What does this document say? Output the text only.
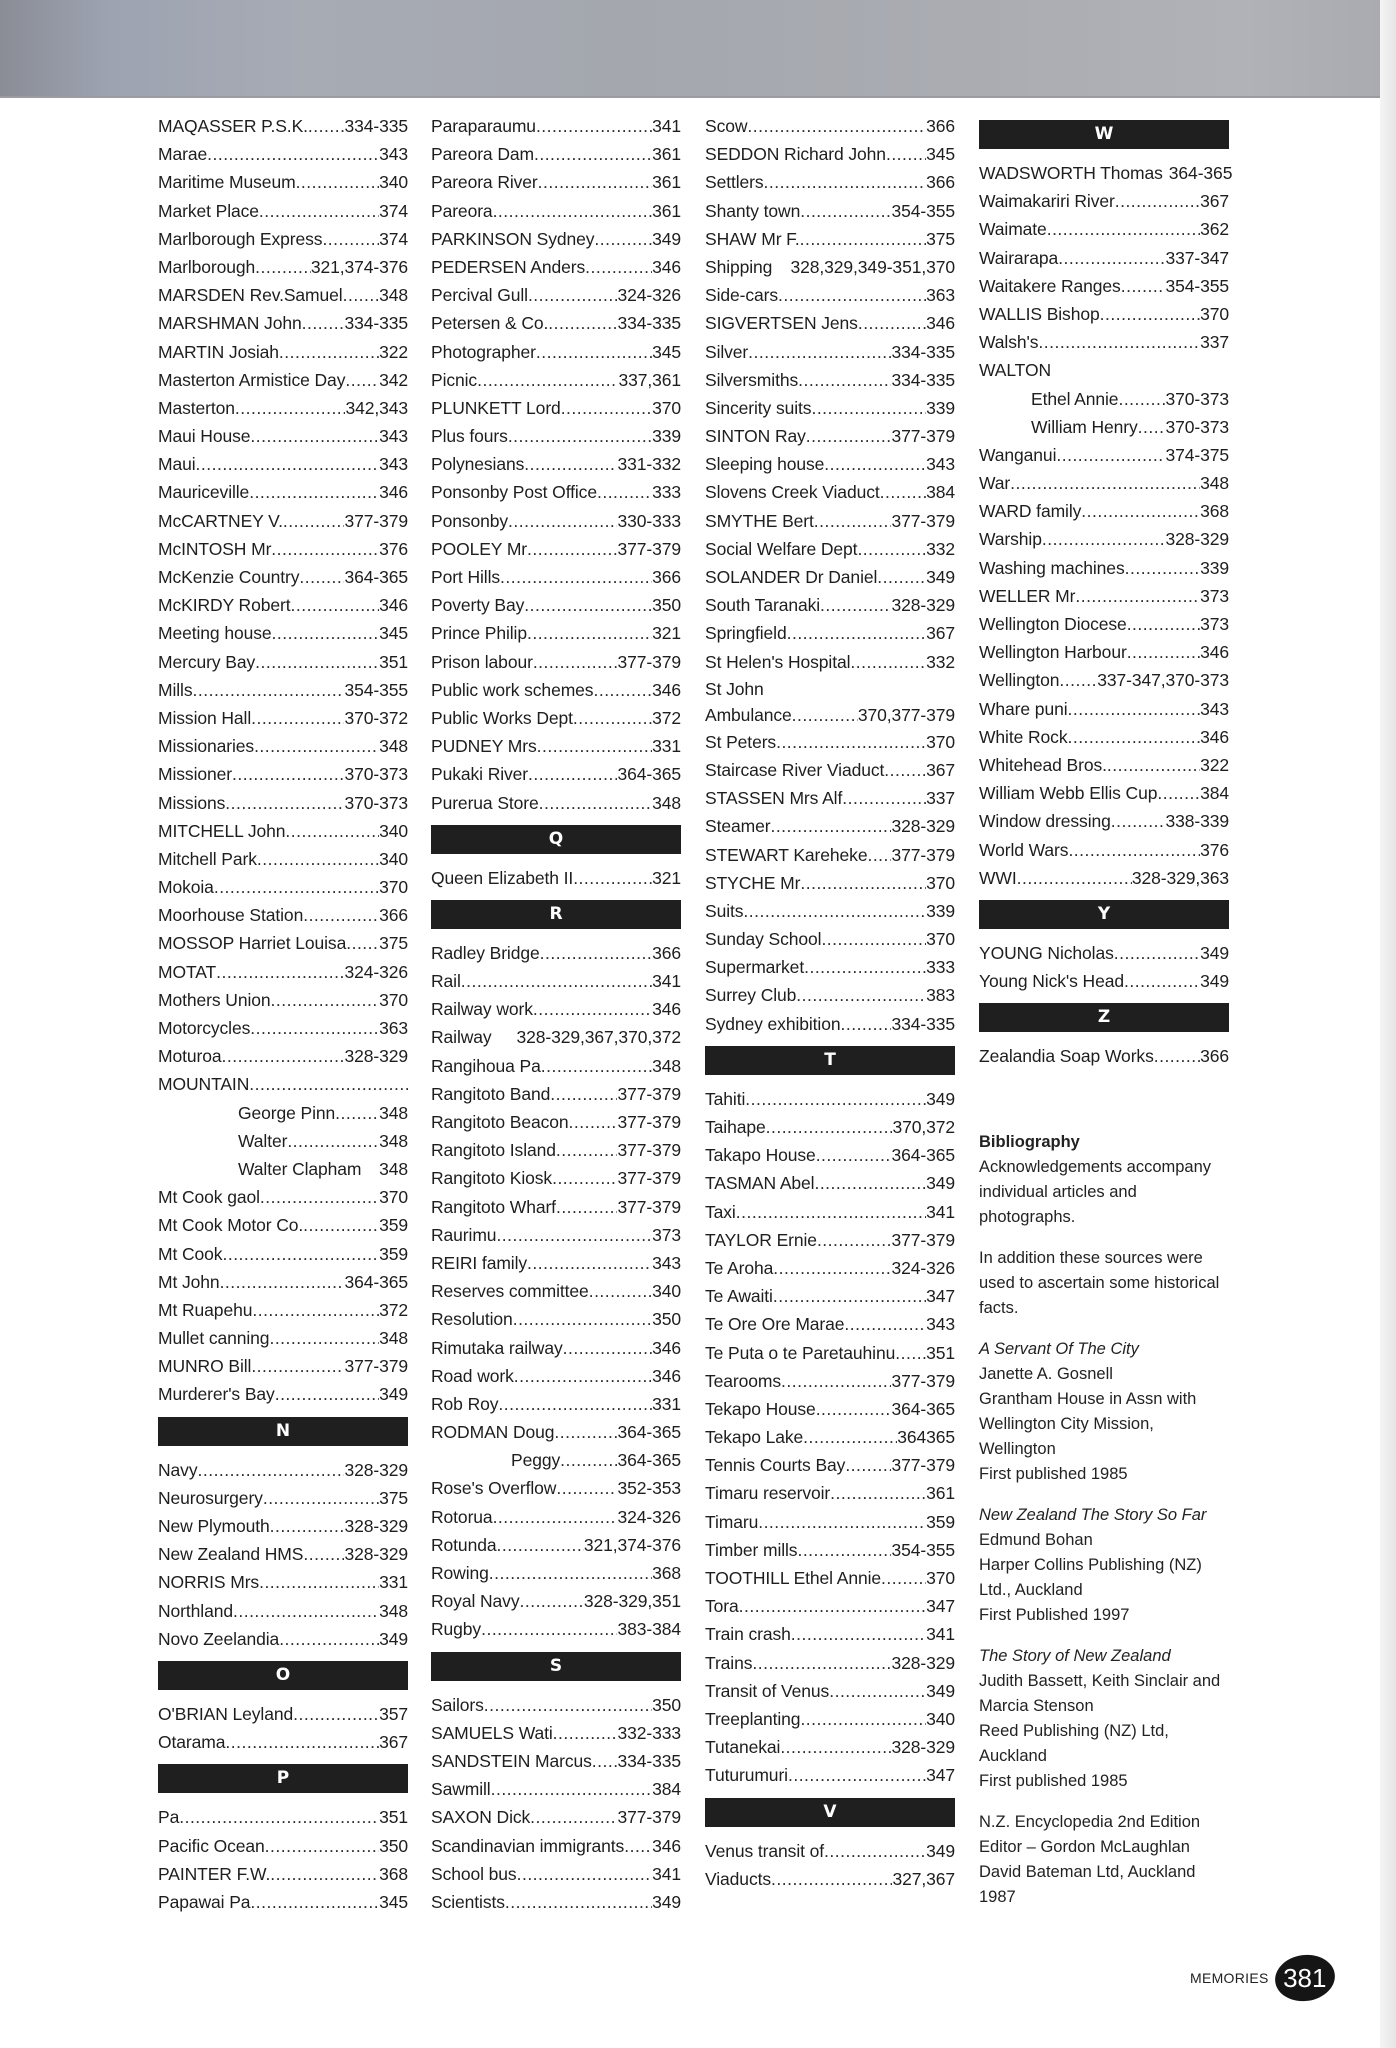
MAQASSER P.S.K. ..... 334-335
Marae .....	343
Maritime Museum .....	340
Market Place .....	374
Marlborough Express .....	374
Marlborough .....	321,374-376
MARSDEN Rev.Samuel ..... 348
MARSHMAN John ..... 334-335
MARTIN Josiah .....	322
Masterton Armistice Day ..... 342
Masterton .....	342,343
Maui House .....	343
Maui .....	343
Mauriceville .....	346
McCARTNEY V. .....	377-379
McINTOSH Mr .....	376
McKenzie Country .....	364-365
McKIRDY Robert .....	346
Meeting house .....	345
Mercury Bay .....	351
Mills .....	354-355
Mission Hall .....	370-372
Missionaries .....	348
Missioner .....	370-373
Missions .....	370-373
MITCHELL John .....	340
Mitchell Park .....	340
Mokoia .....	370
Moorhouse Station .....	366
MOSSOP Harriet Louisa ..... 375
MOTAT .....	324-326
Mothers Union .....	370
Motorcycles .....	363
Moturoa .....	328-329
MOUNTAIN
.....
George Pinn .....	348
Walter .....	348
Walter Clapham 348
Mt Cook gaol .....	370
Mt Cook Motor Co. .....	359
Mt Cook .....	359
Mt John .....	364-365
Mt Ruapehu .....	372
Mullet canning .....	348
MUNRO Bill .....	377-379
Murderer's Bay .....	349
N
Navy .....	328-329
Neurosurgery .....	375
New Plymouth .....	328-329
New Zealand HMS ..... 328-329
NORRIS Mrs .....	331
Northland .....	348
Novo Zeelandia .....	349
O
O'BRIAN Leyland .....	357
Otarama .....	367
P
Pa .....	351
Pacific Ocean .....	350
PAINTER F.W. .....	368
Papawai Pa .....	345
Paraparaumu .....	341
Pareora Dam .....	361
Pareora River .....	361
Pareora .....	361
PARKINSON Sydney .....	349
PEDERSEN Anders .....	346
Percival Gull .....	324-326
Petersen & Co. .....	334-335
Photographer .....	345
Picnic .....	337,361
PLUNKETT Lord .....	370
Plus fours .....	339
Polynesians .....	331-332
Ponsonby Post Office .....	333
Ponsonby .....	330-333
POOLEY Mr .....	377-379
Port Hills .....	366
Poverty Bay .....	350
Prince Philip .....	321
Prison labour .....	377-379
Public work schemes .....	346
Public Works Dept .....	372
PUDNEY Mrs .....	331
Pukaki River .....	364-365
Purerua Store .....	348
Q
Queen Elizabeth II .....	321
R
Radley Bridge .....	366
Rail .....	341
Railway work .....	346
Railway 328-329,367,370,372
Rangihoua Pa .....	348
Rangitoto Band .....	377-379
Rangitoto Beacon .....	377-379
Rangitoto Island .....	377-379
Rangitoto Kiosk .....	377-379
Rangitoto Wharf .....	377-379
Raurimu .....	373
REIRI family .....	343
Reserves committee .....	340
Resolution .....	350
Rimutaka railway .....	346
Road work .....	346
Rob Roy .....	331
RODMAN Doug .....	364-365
Peggy .....	364-365
Rose's Overflow .....	352-353
Rotorua .....	324-326
Rotunda .....	321,374-376
Rowing .....	368
Royal Navy .....	328-329,351
Rugby .....	383-384
S
Sailors .....	350
SAMUELS Wati .....	332-333
SANDSTEIN Marcus ..... 334-335
Sawmill .....	384
SAXON Dick .....	377-379
Scandinavian immigrants ..... 346
School bus .....	341
Scientists .....	349
Scow .....	366
SEDDON Richard John ..... 345
Settlers .....	366
Shanty town .....	354-355
SHAW Mr F. .....	375
Shipping 328,329,349-351,370
Side-cars .....	363
SIGVERTSEN Jens .....	346
Silver .....	334-335
Silversmiths .....	334-335
Sincerity suits .....	339
SINTON Ray .....	377-379
Sleeping house .....	343
Slovens Creek Viaduct .....	384
SMYTHE Bert .....	377-379
Social Welfare Dept .....	332
SOLANDER Dr Daniel .....	349
South Taranaki .....	328-329
Springfield .....	367
St Helen's Hospital .....	332
St John
Ambulance .....	370,377-379
St Peters .....	370
Staircase River Viaduct ..... 367
STASSEN Mrs Alf .....	337
Steamer .....	328-329
STEWART Kareheke ..... 377-379
STYCHE Mr .....	370
Suits .....	339
Sunday School .....	370
Supermarket .....	333
Surrey Club .....	383
Sydney exhibition .....	334-335
T
Tahiti .....	349
Taihape .....	370,372
Takapo House .....	364-365
TASMAN Abel .....	349
Taxi .....	341
TAYLOR Ernie .....	377-379
Te Aroha .....	324-326
Te Awaiti .....	347
Te Ore Ore Marae .....	343
Te Puta o te Paretauhinu ..... 351
Tearooms .....	377-379
Tekapo House .....	364-365
Tekapo Lake .....	364365
Tennis Courts Bay .....	377-379
Timaru reservoir .....	361
Timaru .....	359
Timber mills .....	354-355
TOOTHILL Ethel Annie .....	370
Tora .....	347
Train crash .....	341
Trains .....	328-329
Transit of Venus .....	349
Treeplanting .....	340
Tutanekai .....	328-329
Tuturumuri .....	347
V
Venus transit of .....	349
Viaducts .....	327,367
W
WADSWORTH Thomas 364-365
Waimakariri River .....	367
Waimate .....	362
Wairarapa .....	337-347
Waitakere Ranges .....	354-355
WALLIS Bishop .....	370
Walsh's .....	337
WALTON
Ethel Annie .....	370-373
William Henry ..... 370-373
Wanganui .....	374-375
War .....	348
WARD family .....	368
Warship .....	328-329
Washing machines .....	339
WELLER Mr .....	373
Wellington Diocese .....	373
Wellington Harbour .....	346
Wellington ..... 337-347,370-373
Whare puni .....	343
White Rock .....	346
Whitehead Bros. .....	322
William Webb Ellis Cup ..... 384
Window dressing .....	338-339
World Wars .....	376
WWI .....	328-329,363
Y
YOUNG Nicholas .....	349
Young Nick's Head .....	349
Z
Zealandia Soap Works .....	366

Bibliography
Acknowledgements accompany individual articles and photographs.

In addition these sources were used to ascertain some historical facts.

A Servant Of The City
Janette A. Gosnell
Grantham House in Assn with Wellington City Mission, Wellington
First published 1985

New Zealand The Story So Far
Edmund Bohan
Harper Collins Publishing (NZ) Ltd., Auckland
First Published 1997

The Story of New Zealand
Judith Bassett, Keith Sinclair and Marcia Stenson
Reed Publishing (NZ) Ltd, Auckland
First published 1985

N.Z. Encyclopedia 2nd Edition
Editor – Gordon McLaughlan
David Bateman Ltd, Auckland
1987

MEMORIES 381
